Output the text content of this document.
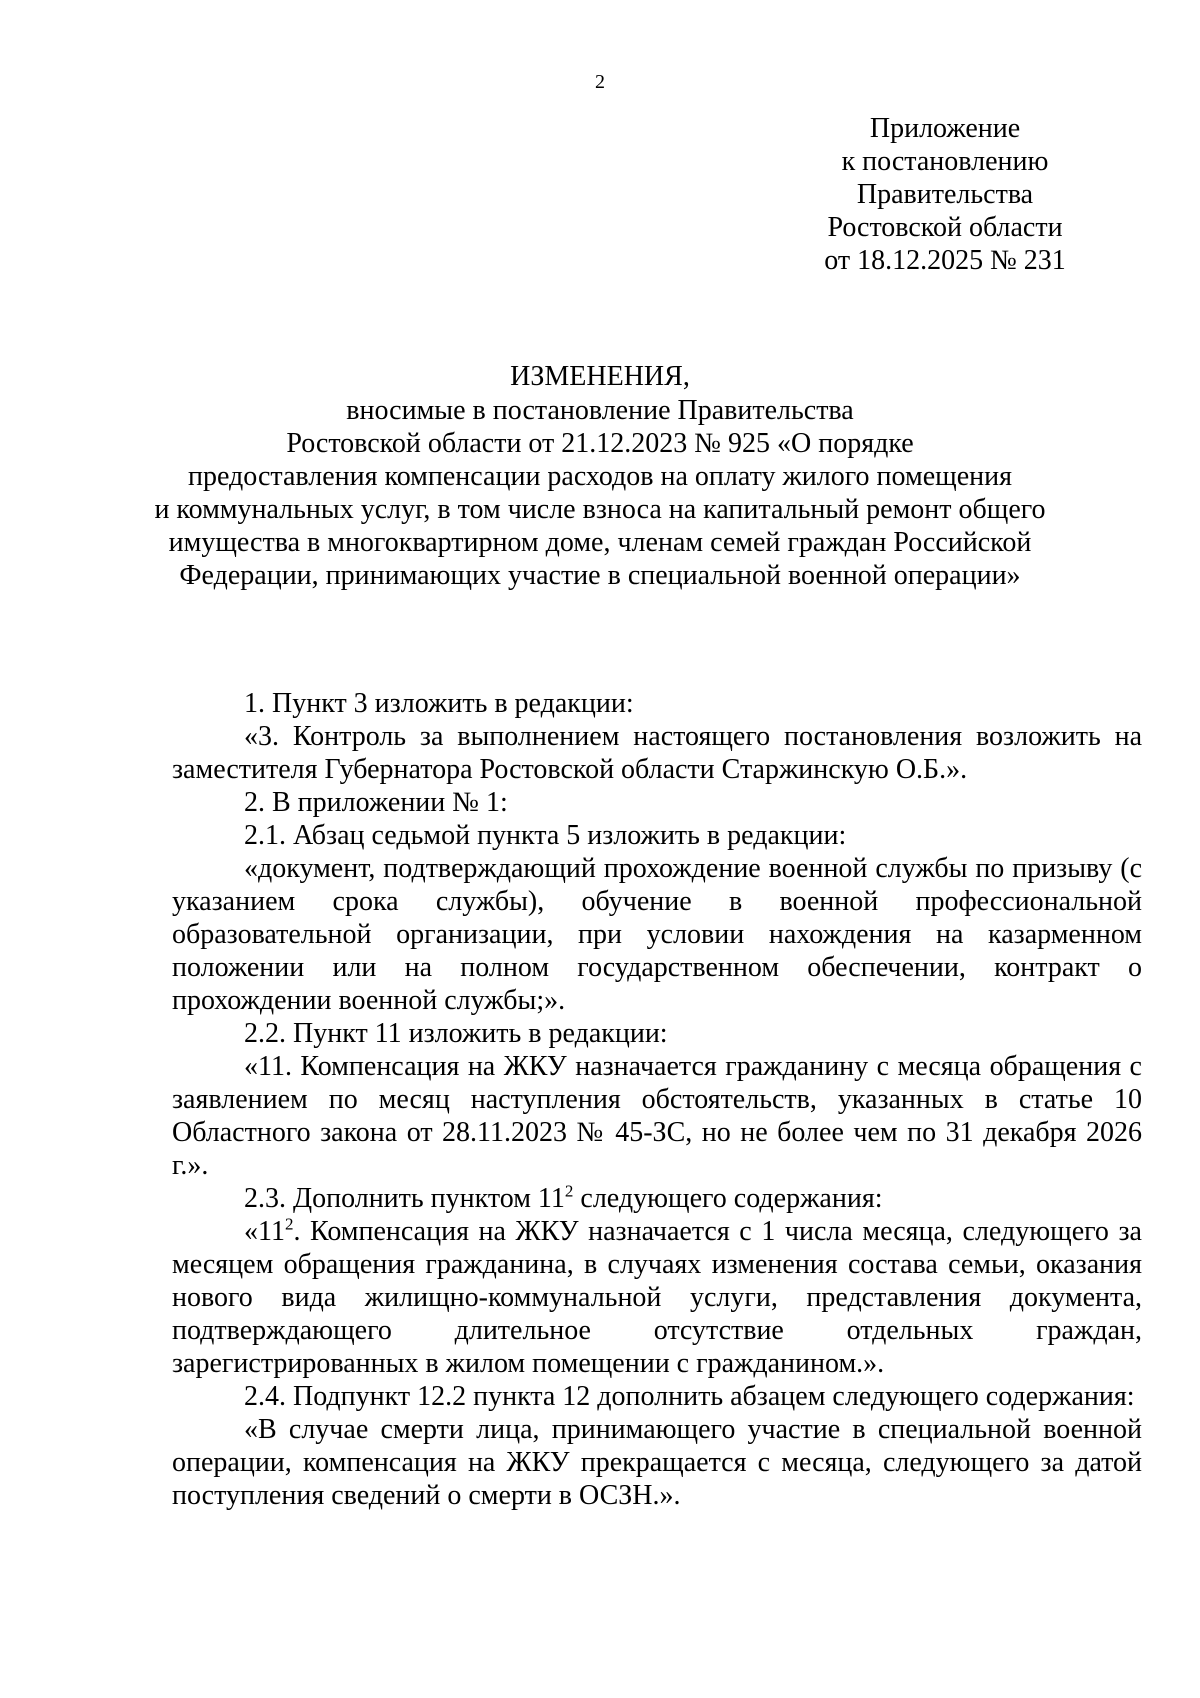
2
Приложение
к постановлению
Правительства
Ростовской области
от 18.12.2025 № 231
ИЗМЕНЕНИЯ,
вносимые в постановление Правительства
Ростовской области от 21.12.2023 № 925 «О порядке
предоставления компенсации расходов на оплату жилого помещения
и коммунальных услуг, в том числе взноса на капитальный ремонт общего
имущества в многоквартирном доме, членам семей граждан Российской
Федерации, принимающих участие в специальной военной операции»

1. Пункт 3 изложить в редакции:

«3. Контроль за выполнением настоящего постановления возложить на заместителя Губернатора Ростовской области Старжинскую О.Б.».

2. В приложении № 1:

2.1. Абзац седьмой пункта 5 изложить в редакции:

«документ, подтверждающий прохождение военной службы по призыву (с указанием срока службы), обучение в военной профессиональной образовательной организации, при условии нахождения на казарменном положении или на полном государственном обеспечении, контракт о прохождении военной службы;».

2.2. Пункт 11 изложить в редакции:

«11. Компенсация на ЖКУ назначается гражданину с месяца обращения с заявлением по месяц наступления обстоятельств, указанных в статье 10 Областного закона от 28.11.2023 № 45-ЗС, но не более чем по 31 декабря 2026 г.».

2.3. Дополнить пунктом $11^2$ следующего содержания:

«$11^2$. Компенсация на ЖКУ назначается с 1 числа месяца, следующего за месяцем обращения гражданина, в случаях изменения состава семьи, оказания нового вида жилищно-коммунальной услуги, представления документа, подтверждающего длительное отсутствие отдельных граждан, зарегистрированных в жилом помещении с гражданином.».

2.4. Подпункт 12.2 пункта 12 дополнить абзацем следующего содержания:

«В случае смерти лица, принимающего участие в специальной военной операции, компенсация на ЖКУ прекращается с месяца, следующего за датой поступления сведений о смерти в ОСЗН.».
